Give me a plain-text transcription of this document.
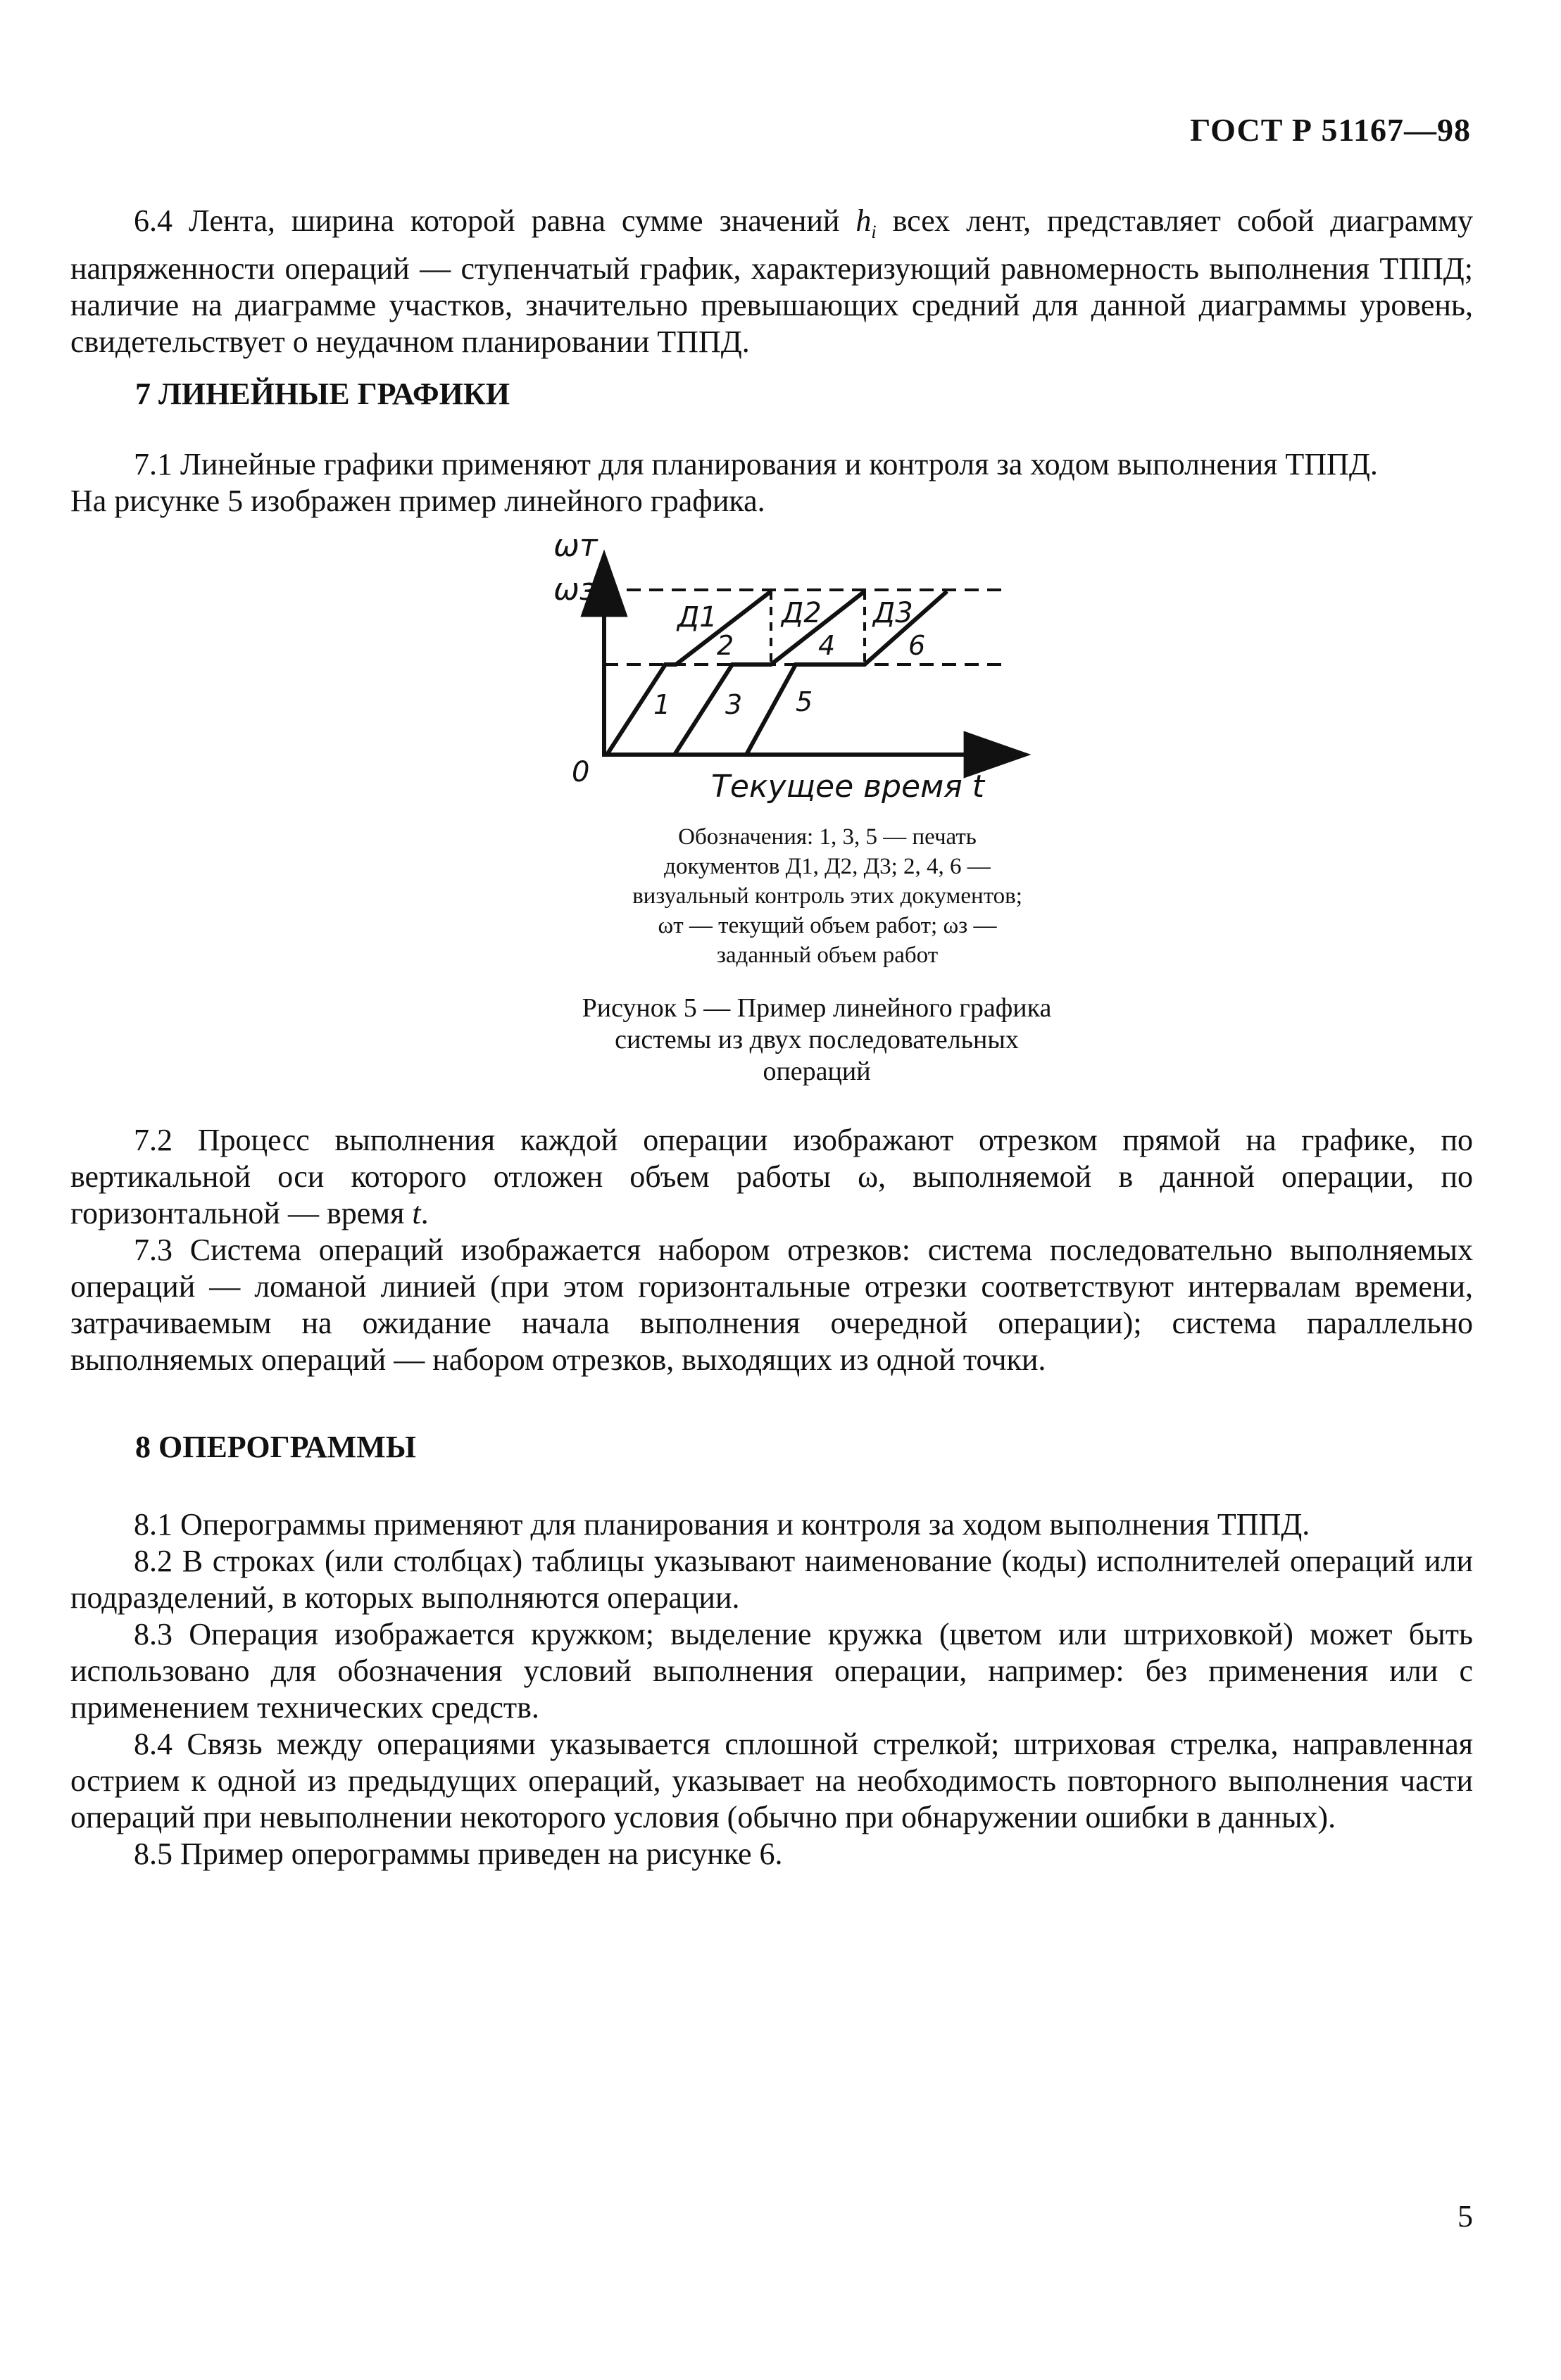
ГОСТ Р 51167—98

6.4 Лента, ширина которой равна сумме значений $h_i$ всех лент, представляет собой диаграмму напряженности операций — ступенчатый график, характеризующий равномерность выполнения ТППД; наличие на диаграмме участков, значительно превышающих средний для данной диаграммы уровень, свидетельствует о неудачном планировании ТППД.

7 ЛИНЕЙНЫЕ ГРАФИКИ

7.1 Линейные графики применяют для планирования и контроля за ходом выполнения ТППД.

На рисунке 5 изображен пример линейного графика.

ωт
ωз
0	Текущее время t
Д1 Д2 Д3
2	4	6
1 3 5
Обозначения: 1, 3, 5 — печать документов Д1, Д2, Д3; 2, 4, 6 — визуальный контроль этих документов; ωт — текущий объем работ; ωз — заданный объем работ
Рисунок 5 — Пример линейного графика системы из двух последовательных операций

7.2 Процесс выполнения каждой операции изображают отрезком прямой на графике, по вертикальной оси которого отложен объем работы ω, выполняемой в данной операции, по горизонтальной — время t.

7.3 Система операций изображается набором отрезков: система последовательно выполняемых операций — ломаной линией (при этом горизонтальные отрезки соответствуют интервалам времени, затрачиваемым на ожидание начала выполнения очередной операции); система параллельно выполняемых операций — набором отрезков, выходящих из одной точки.

8 ОПЕРОГРАММЫ

8.1 Оперограммы применяют для планирования и контроля за ходом выполнения ТППД.

8.2 В строках (или столбцах) таблицы указывают наименование (коды) исполнителей операций или подразделений, в которых выполняются операции.

8.3 Операция изображается кружком; выделение кружка (цветом или штриховкой) может быть использовано для обозначения условий выполнения операции, например: без применения или с применением технических средств.

8.4 Связь между операциями указывается сплошной стрелкой; штриховая стрелка, направленная острием к одной из предыдущих операций, указывает на необходимость повторного выполнения части операций при невыполнении некоторого условия (обычно при обнаружении ошибки в данных).

8.5 Пример оперограммы приведен на рисунке 6.

5
